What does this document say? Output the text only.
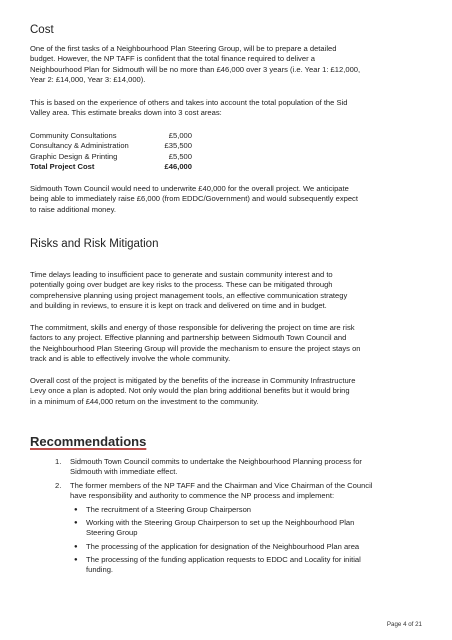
Cost

One of the first tasks of a Neighbourhood Plan Steering Group, will be to prepare a detailed
budget. However, the NP TAFF is confident that the total finance required to deliver a
Neighbourhood Plan for Sidmouth will be no more than £46,000 over 3 years (i.e. Year 1: £12,000,
Year 2: £14,000, Year 3: £14,000).

This is based on the experience of others and takes into account the total population of the Sid
Valley area. This estimate breaks down into 3 cost areas:

Community Consultations	£5,000
Consultancy & Administration	£35,500
Graphic Design & Printing	£5,500
Total Project Cost	£46,000

Sidmouth Town Council would need to underwrite £40,000 for the overall project. We anticipate
being able to immediately raise £6,000 (from EDDC/Government) and would subsequently expect
to raise additional money.

Risks and Risk Mitigation

Time delays leading to insufficient pace to generate and sustain community interest and to
potentially going over budget are key risks to the process. These can be mitigated through
comprehensive planning using project management tools, an effective communication strategy
and building in reviews, to ensure it is kept on track and delivered on time and in budget.

The commitment, skills and energy of those responsible for delivering the project on time are risk
factors to any project. Effective planning and partnership between Sidmouth Town Council and
the Neighbourhood Plan Steering Group will provide the mechanism to ensure the project stays on
track and is able to effectively involve the whole community.

Overall cost of the project is mitigated by the benefits of the increase in Community Infrastructure
Levy once a plan is adopted. Not only would the plan bring additional benefits but it would bring
in a minimum of £44,000 return on the investment to the community.

Recommendations
1. Sidmouth Town Council commits to undertake the Neighbourhood Planning process for
Sidmouth with immediate effect.
2. The former members of the NP TAFF and the Chairman and Vice Chairman of the Council
have responsibility and authority to commence the NP process and implement:
● The recruitment of a Steering Group Chairperson
● Working with the Steering Group Chairperson to set up the Neighbourhood Plan
Steering Group
● The processing of the application for designation of the Neighbourhood Plan area
● The processing of the funding application requests to EDDC and Locality for initial
funding.
Page 4 of 21
